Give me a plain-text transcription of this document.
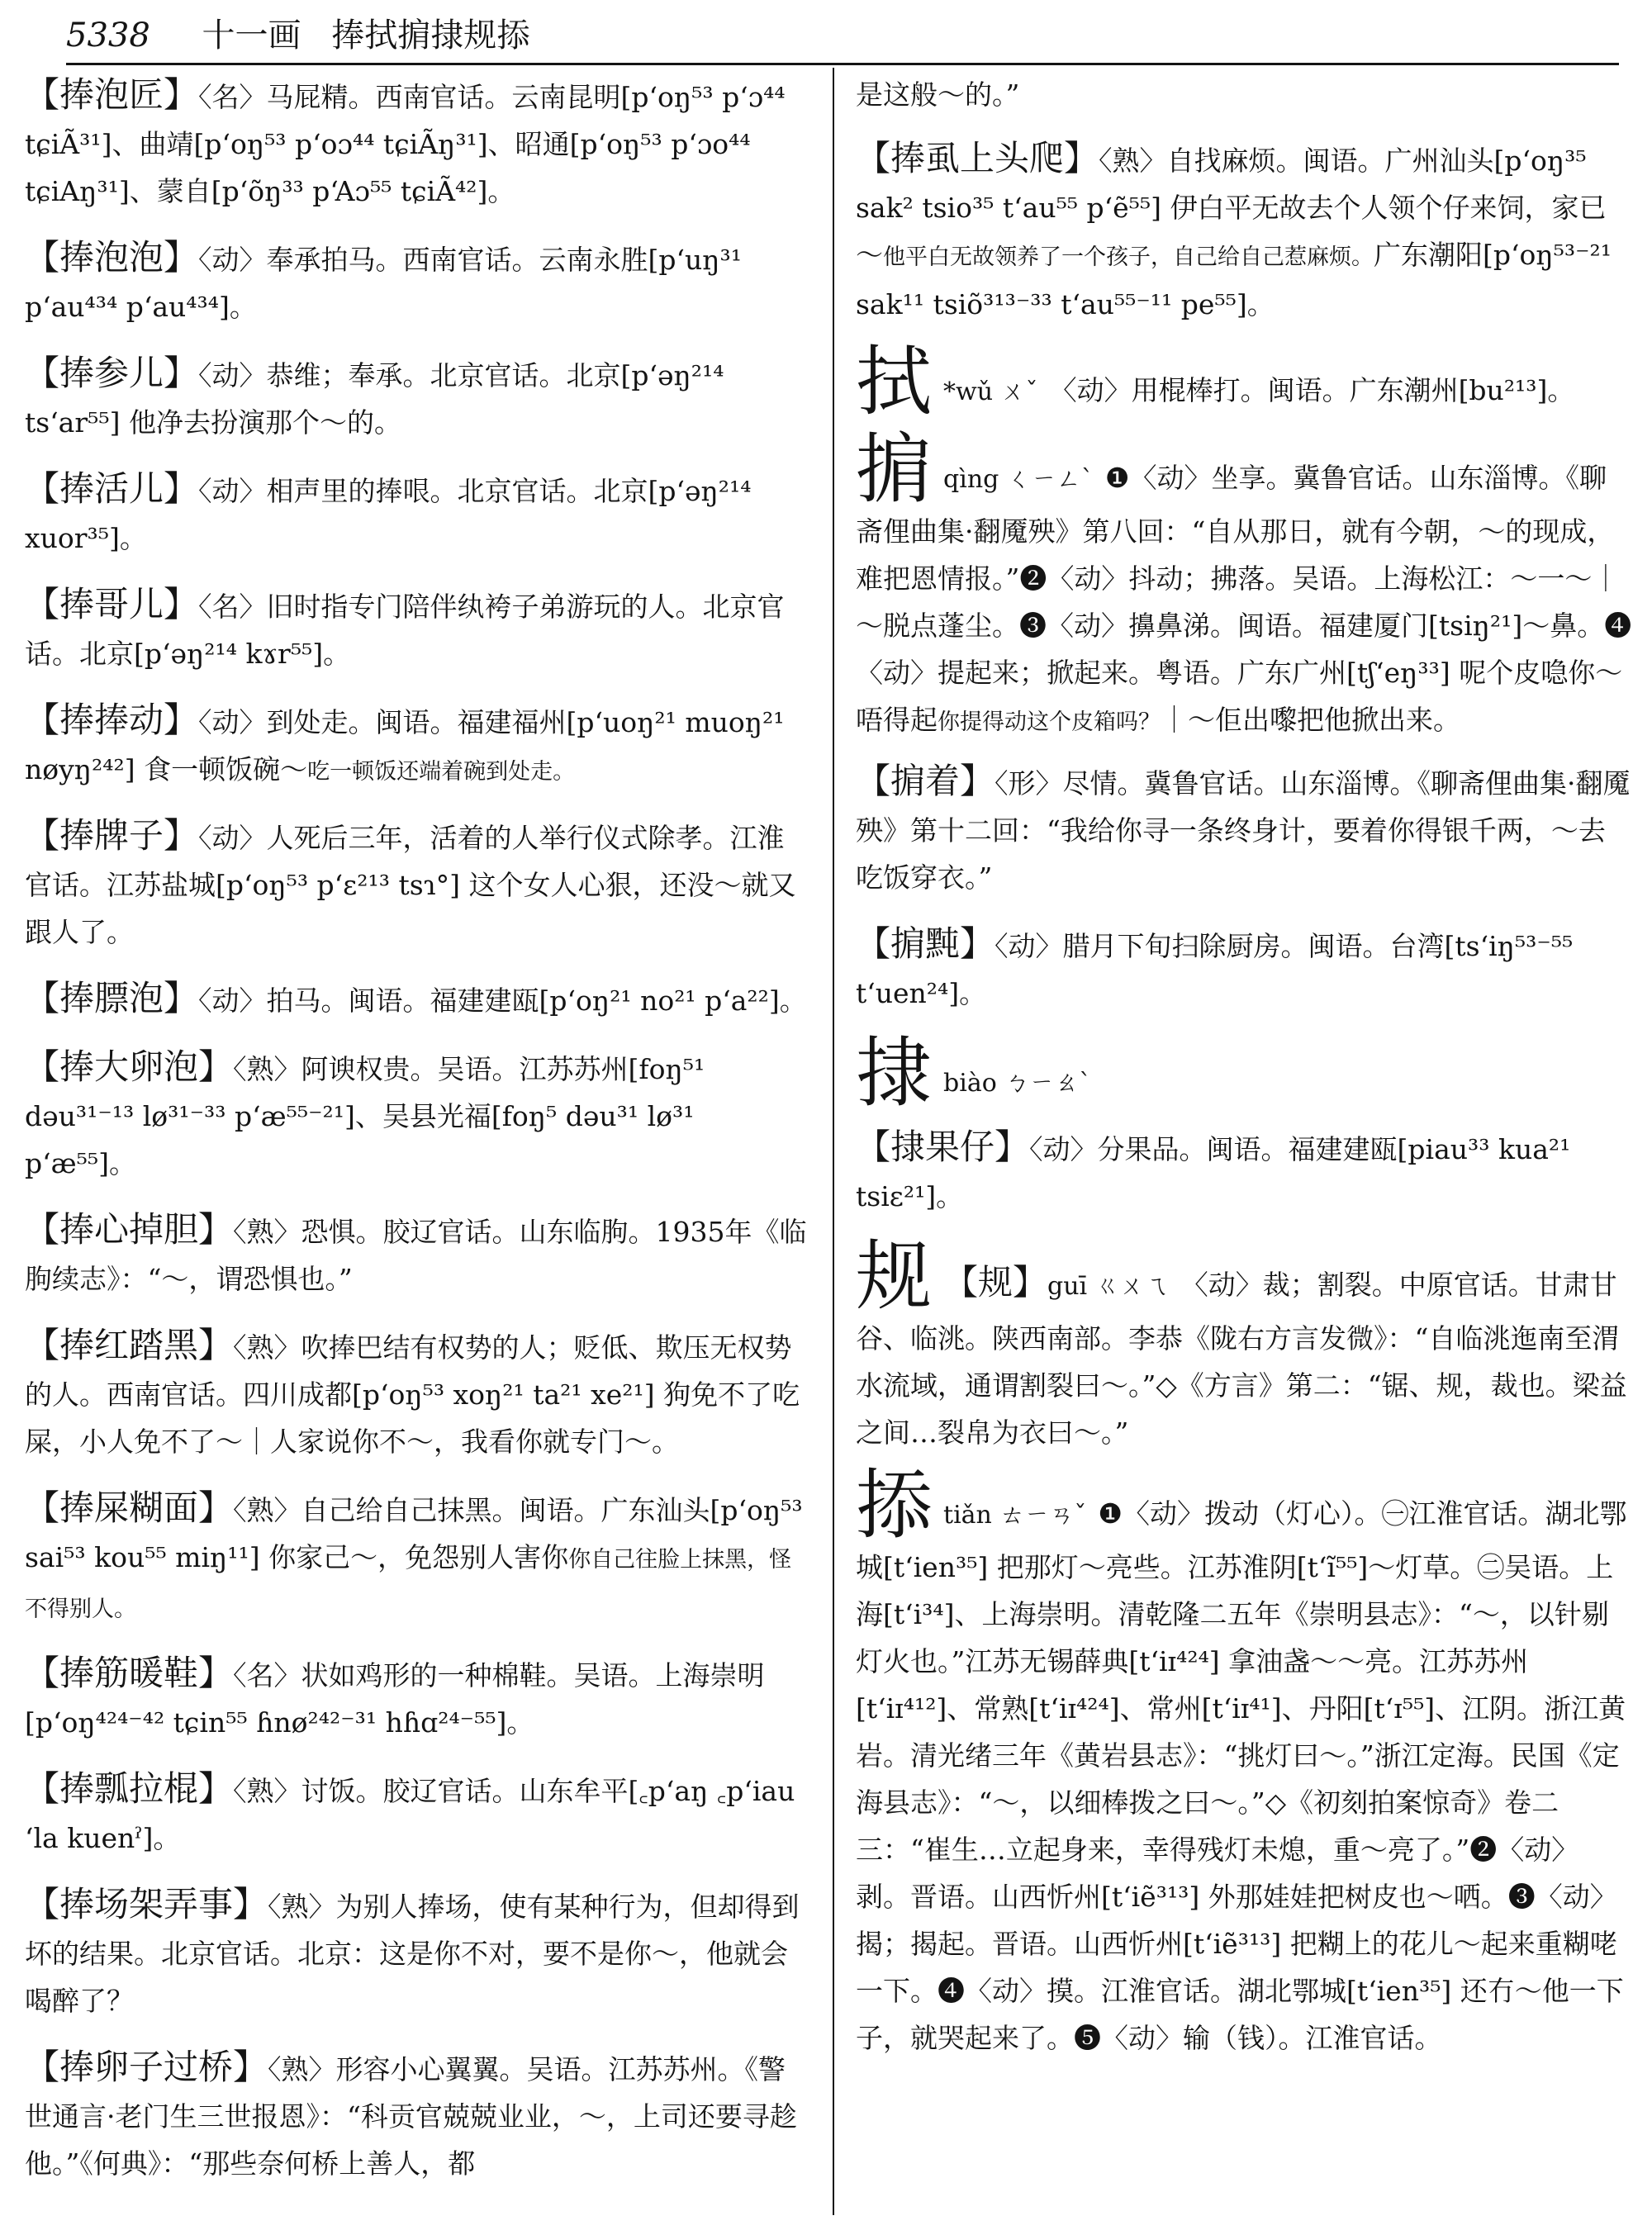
5338 十一画 捧拭掮捸规掭
【捧泡匠】〈名〉马屁精。西南官话。云南昆明[pʻoŋ⁵³ pʻɔ⁴⁴ tɕiÃ³¹]、曲靖[pʻoŋ⁵³ pʻoɔ⁴⁴ tɕiÃŋ³¹]、昭通[pʻoŋ⁵³ pʻɔo⁴⁴ tɕiAŋ³¹]、蒙自[pʻõŋ³³ pʻAɔ⁵⁵ tɕiÃ⁴²]。
【捧泡泡】〈动〉奉承拍马。西南官话。云南永胜[pʻuŋ³¹ pʻau⁴³⁴ pʻau⁴³⁴]。
【捧参儿】〈动〉恭维；奉承。北京官话。北京[pʻəŋ²¹⁴ tsʻar⁵⁵] 他净去扮演那个～的。
【捧活儿】〈动〉相声里的捧哏。北京官话。北京[pʻəŋ²¹⁴ xuor³⁵]。
【捧哥儿】〈名〉旧时指专门陪伴纨袴子弟游玩的人。北京官话。北京[pʻəŋ²¹⁴ kɤr⁵⁵]。
【捧捧动】〈动〉到处走。闽语。福建福州[pʻuoŋ²¹ muoŋ²¹ nøyŋ²⁴²] 食一顿饭碗～吃一顿饭还端着碗到处走。
【捧牌子】〈动〉人死后三年，活着的人举行仪式除孝。江淮官话。江苏盐城[pʻoŋ⁵³ pʻɛ²¹³ tsɿ°] 这个女人心狠，还没～就又跟人了。
【捧膘泡】〈动〉拍马。闽语。福建建瓯[pʻoŋ²¹ no²¹ pʻa²²]。
【捧大卵泡】〈熟〉阿谀权贵。吴语。江苏苏州[foŋ⁵¹ dəu³¹⁻¹³ lø³¹⁻³³ pʻæ⁵⁵⁻²¹]、吴县光福[foŋ⁵ dəu³¹ lø³¹ pʻæ⁵⁵]。
【捧心掉胆】〈熟〉恐惧。胶辽官话。山东临朐。1935年《临朐续志》：“～，谓恐惧也。”
【捧红踏黑】〈熟〉吹捧巴结有权势的人；贬低、欺压无权势的人。西南官话。四川成都[pʻoŋ⁵³ xoŋ²¹ ta²¹ xe²¹] 狗免不了吃屎，小人免不了～｜人家说你不～，我看你就专门～。
【捧屎糊面】〈熟〉自己给自己抹黑。闽语。广东汕头[pʻoŋ⁵³ sai⁵³ kou⁵⁵ miŋ¹¹] 你家己～，免怨别人害你你自己往脸上抹黑，怪不得别人。
【捧筋暖鞋】〈名〉状如鸡形的一种棉鞋。吴语。上海崇明[pʻoŋ⁴²⁴⁻⁴² tɕin⁵⁵ ɦnø²⁴²⁻³¹ hɦɑ²⁴⁻⁵⁵]。
【捧瓢拉棍】〈熟〉讨饭。胶辽官话。山东牟平[꜀pʻaŋ ꜀pʻiau ʻla kuenˀ]。
【捧场架弄事】〈熟〉为别人捧场，使有某种行为，但却得到坏的结果。北京官话。北京：这是你不对，要不是你～，他就会喝醉了？
【捧卵子过桥】〈熟〉形容小心翼翼。吴语。江苏苏州。《警世通言·老门生三世报恩》：“科贡官兢兢业业，～，上司还要寻趁他。”《何典》：“那些奈何桥上善人，都
是这般～的。”
【捧虱上头爬】〈熟〉自找麻烦。闽语。广州汕头[pʻoŋ³⁵ sak² tsio³⁵ tʻau⁵⁵ pʻẽ⁵⁵] 伊白平无故去个人领个仔来饲，家已～他平白无故领养了一个孩子，自己给自己惹麻烦。广东潮阳[pʻoŋ⁵³⁻²¹ sak¹¹ tsiõ³¹³⁻³³ tʻau⁵⁵⁻¹¹ pe⁵⁵]。
拭 *wǔ ㄨˇ 〈动〉用棍棒打。闽语。广东潮州[bu²¹³]。
掮qìng ㄑㄧㄥˋ ❶〈动〉坐享。冀鲁官话。山东淄博。《聊斋俚曲集·翻魇殃》第八回：“自从那日，就有今朝，～的现成，难把恩情报。”❷〈动〉抖动；拂落。吴语。上海松江：～一～｜～脱点蓬尘。❸〈动〉擤鼻涕。闽语。福建厦门[tsiŋ²¹]～鼻。❹〈动〉提起来；掀起来。粤语。广东广州[tʃʻeŋ³³] 呢个皮喼你～唔得起你提得动这个皮箱吗？｜～佢出嚟把他掀出来。
【掮着】〈形〉尽情。冀鲁官话。山东淄博。《聊斋俚曲集·翻魇殃》第十二回：“我给你寻一条终身计，要着你得银千两，～去吃饭穿衣。”
【掮黗】〈动〉腊月下旬扫除厨房。闽语。台湾[tsʻiŋ⁵³⁻⁵⁵ tʻuen²⁴]。
捸biào ㄅㄧㄠˋ
【捸果仔】〈动〉分果品。闽语。福建建瓯[piau³³ kua²¹ tsiɛ²¹]。
规 【规】guī ㄍㄨㄟ 〈动〉裁；割裂。中原官话。甘肃甘谷、临洮。陕西南部。李恭《陇右方言发微》：“自临洮迤南至渭水流域，通谓割裂曰～。”◇《方言》第二：“锯、规，裁也。梁益之间…裂帛为衣曰～。”
掭tiǎn ㄊㄧㄢˇ ❶〈动〉拨动（灯心）。㊀江淮官话。湖北鄂城[tʻien³⁵] 把那灯～亮些。江苏淮阴[tʻĩ⁵⁵]～灯草。㊁吴语。上海[tʻi³⁴]、上海崇明。清乾隆二五年《崇明县志》：“～，以针剔灯火也。”江苏无锡薛典[tʻiɪ⁴²⁴] 拿油盏～～亮。江苏苏州[tʻiɪ⁴¹²]、常熟[tʻiɪ⁴²⁴]、常州[tʻiɪ⁴¹]、丹阳[tʻɪ⁵⁵]、江阴。浙江黄岩。清光绪三年《黄岩县志》：“挑灯曰～。”浙江定海。民国《定海县志》：“～，以细棒拨之曰～。”◇《初刻拍案惊奇》卷二三：“崔生…立起身来，幸得残灯未熄，重～亮了。”❷〈动〉剥。晋语。山西忻州[tʻiẽ³¹³] 外那娃娃把树皮也～哂。❸〈动〉揭；揭起。晋语。山西忻州[tʻiẽ³¹³] 把糊上的花儿～起来重糊咾一下。❹〈动〉摸。江淮官话。湖北鄂城[tʻien³⁵] 还冇～他一下子，就哭起来了。❺〈动〉输（钱）。江淮官话。
